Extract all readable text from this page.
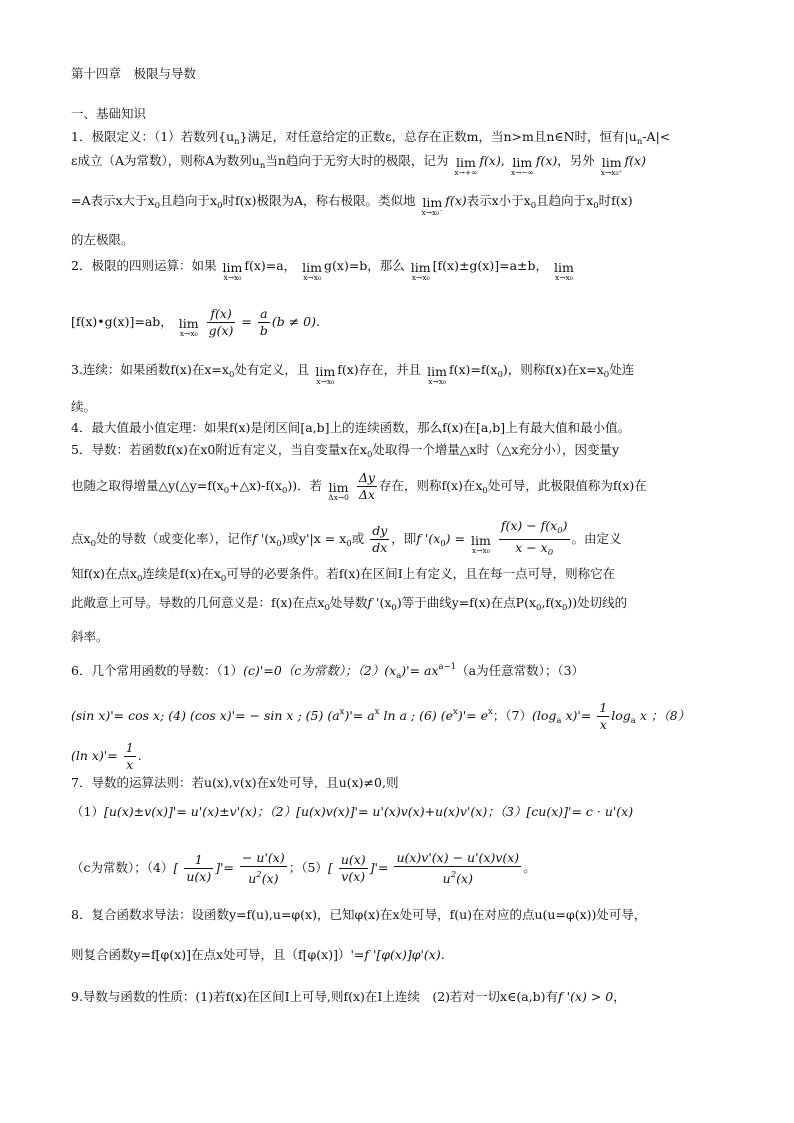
第十四章　极限与导数
一、基础知识
1．极限定义：（1）若数列$\{u_n\}$满足，对任意给定的正数ε，总存在正数m，当n>m且n∈N时，恒有$|u_n-A|<$
ε成立（A为常数），则称A为数列$u_n$当n趋向于无穷大时的极限，记为 lim
x→+∞
f(x), lim
x→−∞
f(x)，另外 lim
x→x₀⁺
f(x)
=A表示x大于$x_0$且趋向于$x_0$时f(x)极限为A，称右极限。类似地 lim
x→x₀⁻
f(x)表示x小于$x_0$且趋向于$x_0$时f(x)
的左极限。
2．极限的四则运算：如果 lim
x→x₀
f(x)=a， lim
x→x₀
g(x)=b，那么 lim
x→x₀
[f(x)±g(x)]=a±b， lim
x→x₀
[f(x)•g(x)]=ab， lim
x→x₀
$\frac{f(x)}{g(x)} = \frac{a}{b} (b \ne 0)$.
3.连续：如果函数f(x)在$x=x_0$处有定义，且 lim
x→x₀
f(x)存在，并且 lim
x→x₀
$f(x)=f(x_0)$，则称f(x)在$x=x_0$处连
续。
4．最大值最小值定理：如果f(x)是闭区间[a,b]上的连续函数，那么f(x)在[a,b]上有最大值和最小值。
5．导数：若函数f(x)在x0附近有定义，当自变量x在$x_0$处取得一个增量△x时（△x充分小），因变量y
也随之取得增量$\triangle y(\triangle y=f(x_0+\triangle x)-f(x_0))$．若 lim
Δx→0
$\frac{\Delta y}{\Delta x}$ 存在，则称f(x)在$x_0$处可导，此极限值称为f(x)在
点$x_0$处的导数（或变化率），记作f '$(x_0)$或$y'|x = x_0$或 $\frac{dy}{dx}$ ，即f '$(x_0) = \lim$
x→x₀
$\frac{f(x) - f(x_0)}{x - x_0}$ 。由定义
知f(x)在点$x_0$连续是f(x)在$x_0$可导的必要条件。若f(x)在区间I上有定义，且在每一点可导，则称它在
此敞意上可导。导数的几何意义是：f(x)在点$x_0$处导数f '$(x_0)$等于曲线y=f(x)在点$P(x_0,f(x_0))$处切线的
斜率。
6．几个常用函数的导数：（1）(c)'=0（c为常数）；$(2)(x_a)'= ax^{a-1}(a$为任意常数）；（3）
(sin x)'= cos x; (4) (cos x)'= − sin x ; (5) $(a^x)'= a^x$ ln a ; (6) $(e^x)'= e^x$；$(7)(\log_a$ $x)'= \frac{1}{x} \log_a x$ ；（8）
(ln $x)'= \frac{1}{x}$ .
7．导数的运算法则：若u(x),v(x)在x处可导，且u(x)≠0,则
（1）[u(x)±v(x)]'= u'(x)±v'(x)；（2）[u(x)v(x)]'= u'(x)v(x)+u(x)v'(x)；（3）[cu(x)]'= c · u'(x)
（c为常数）；$(4)[ \frac{1}{u(x)}$ ]'= $\frac{- u'(x)}{u^2(x)}$ ；$(5)[ \frac{u(x)}{v(x)}$ ]'= $\frac{u(x)v'(x) - u'(x)v(x)}{u^2(x)}$ 。
8．复合函数求导法：设函数y=f(u),u=φ(x)，已知φ(x)在x处可导，f(u)在对应的点u(u=φ(x))处可导，
则复合函数y=f[φ(x)]在点x处可导，且（f[φ(x)]）'=f '[φ(x)]φ'(x).
9.导数与函数的性质：(1)若f(x)在区间I上可导,则f(x)在I上连续　(2)若对一切x∈(a,b)有f '(x) > 0，
